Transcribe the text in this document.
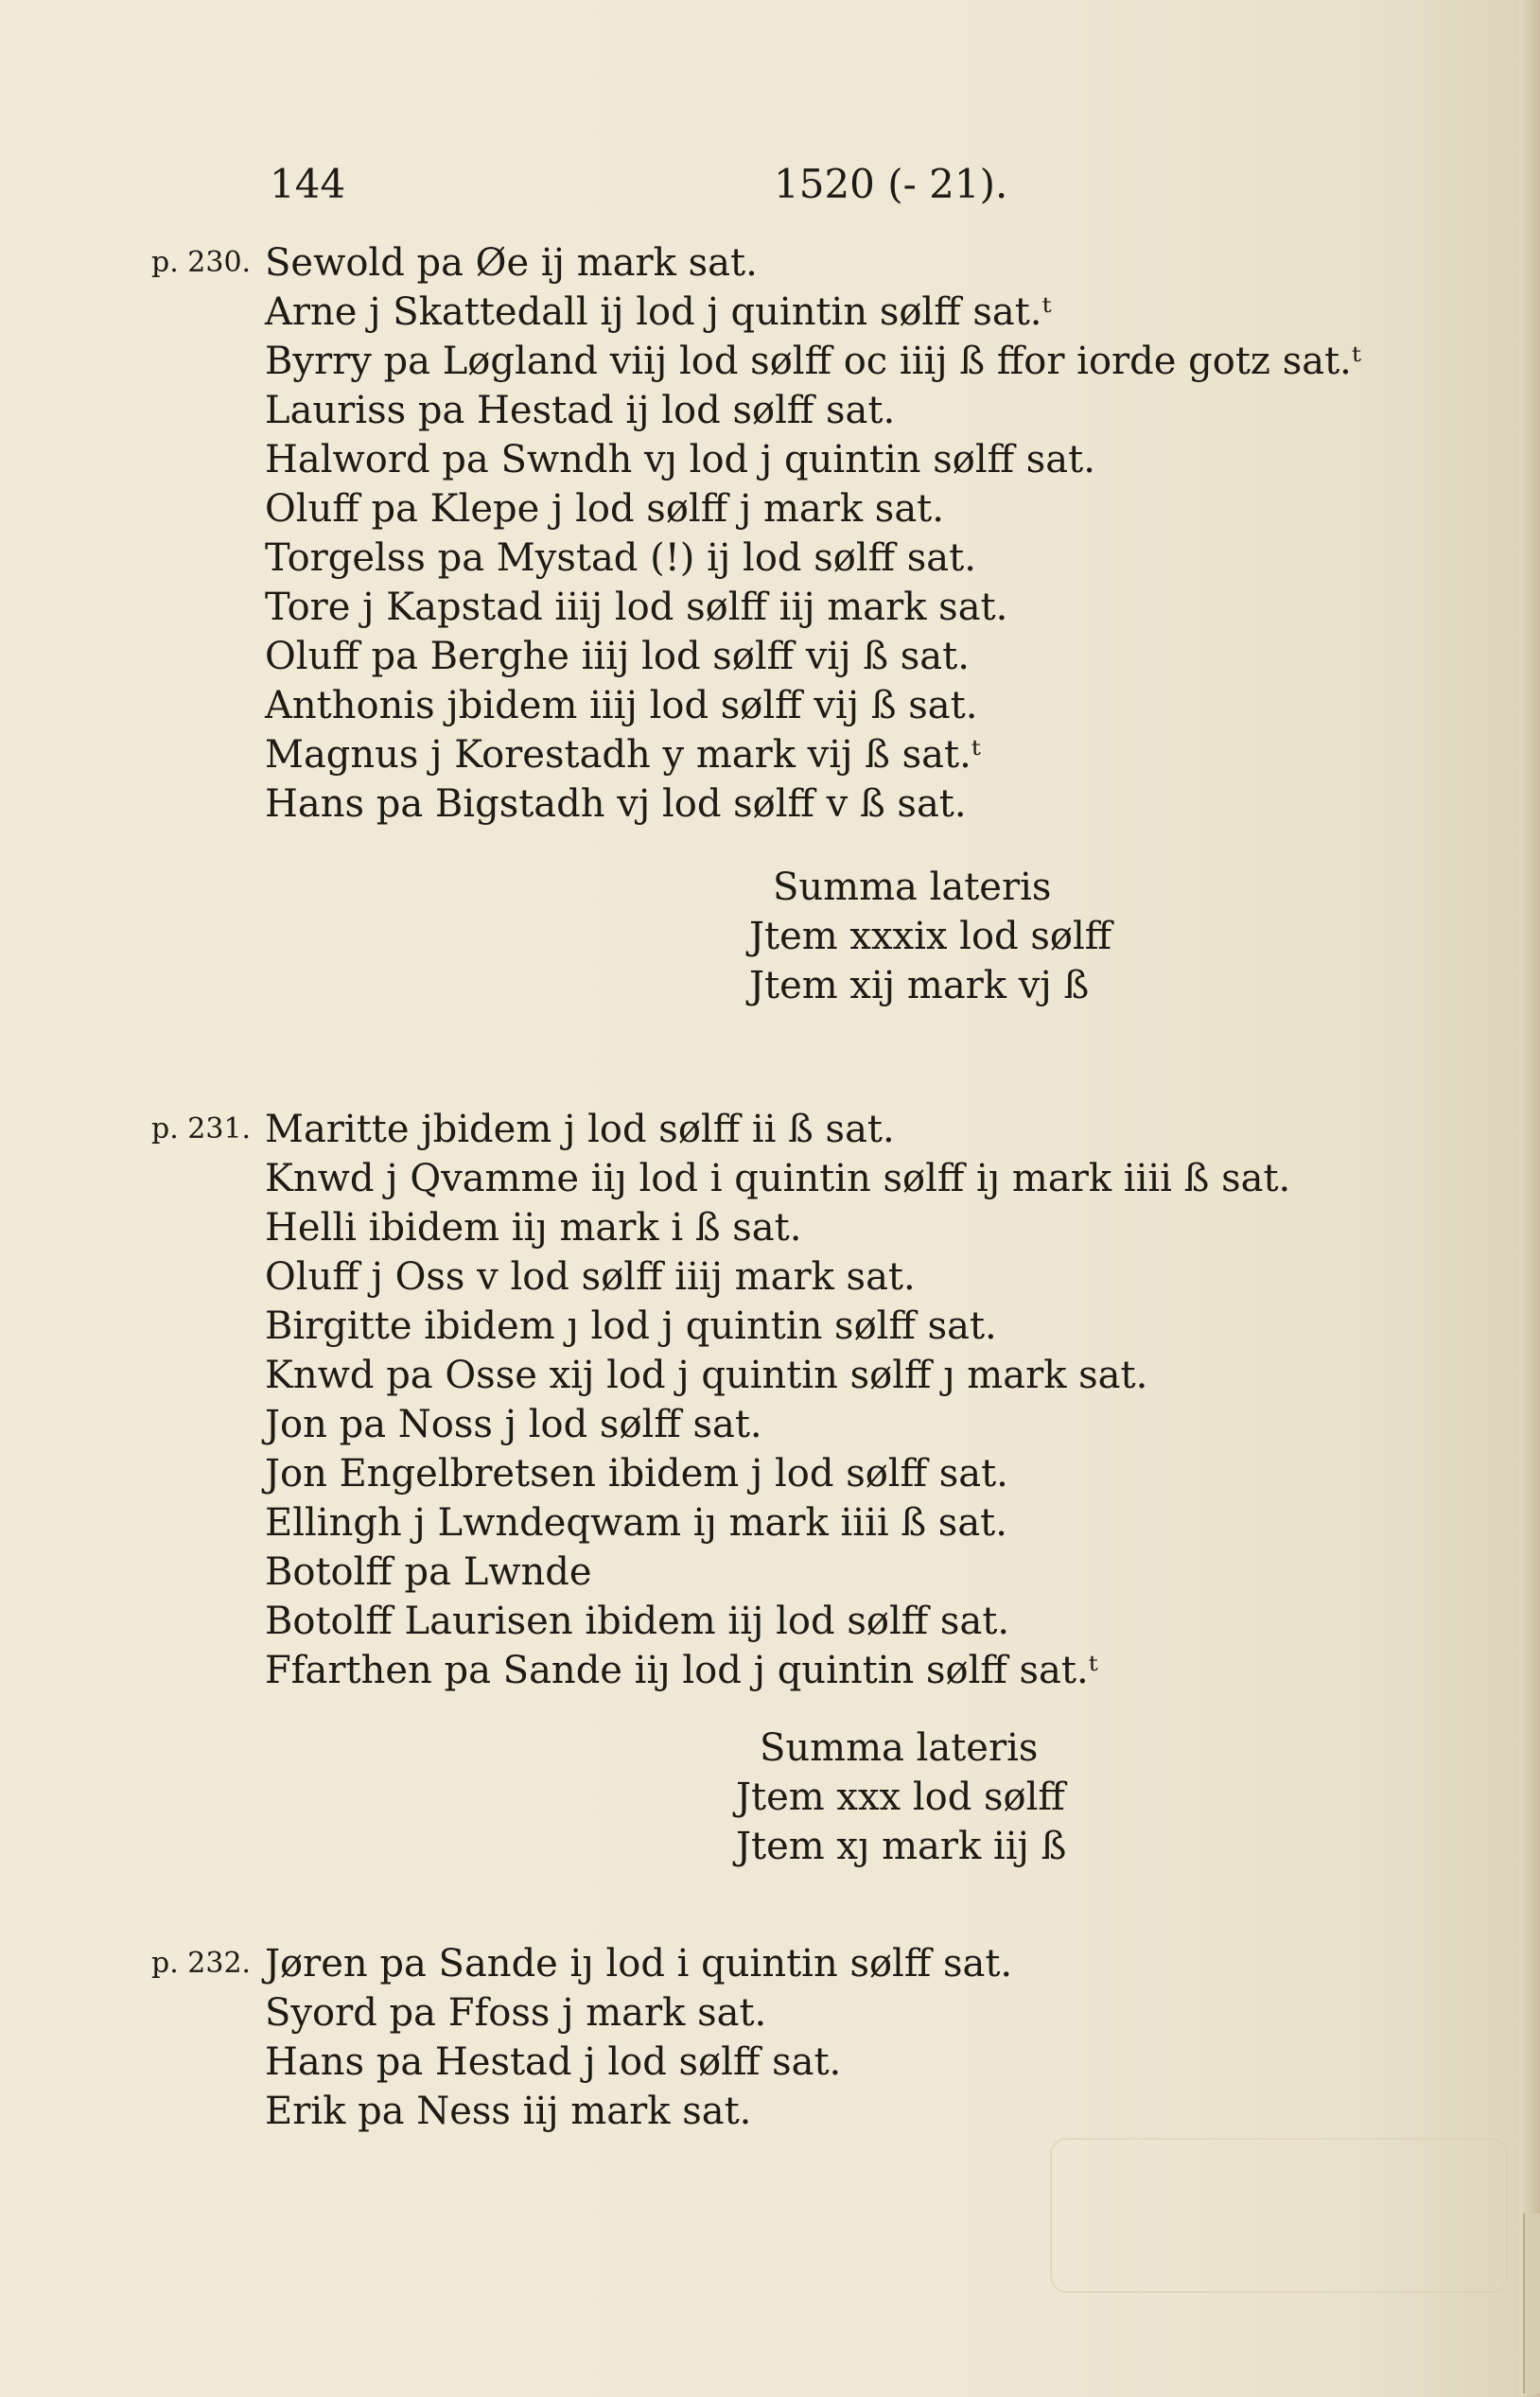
144	1520 (- 21).
p. 230. Sewold pa Øe ij mark sat.
Arne j Skattedall ij lod j quintin sølff sat.ᵗ
Byrry pa Løgland viij lod sølff oc iiij ß ffor iorde gotz sat.ᵗ
Lauriss pa Hestad ij lod sølff sat.
Halword pa Swndh vȷ lod j quintin sølff sat.
Oluff pa Klepe j lod sølff j mark sat.
Torgelss pa Mystad (!) ij lod sølff sat.
Tore j Kapstad iiij lod sølff iij mark sat.
Oluff pa Berghe iiij lod sølff vij ß sat.
Anthonis jbidem iiij lod sølff vij ß sat.
Magnus j Korestadh y mark vij ß sat.ᵗ
Hans pa Bigstadh vj lod sølff v ß sat.
Summa lateris
Jtem xxxix lod sølff
Jtem xij mark vj ß
p. 231. Maritte jbidem j lod sølff ii ß sat.
Knwd j Qvamme iiȷ lod i quintin sølff iȷ mark iiii ß sat.
Helli ibidem iiȷ mark i ß sat.
Oluff j Oss v lod sølff iiij mark sat.
Birgitte ibidem ȷ lod j quintin sølff sat.
Knwd pa Osse xij lod j quintin sølff ȷ mark sat.
Jon pa Noss j lod sølff sat.
Jon Engelbretsen ibidem j lod sølff sat.
Ellingh j Lwndeqwam iȷ mark iiii ß sat.
Botolff pa Lwnde
Botolff Laurisen ibidem iij lod sølff sat.
Ffarthen pa Sande iiȷ lod j quintin sølff sat.ᵗ
Summa lateris
Jtem xxx lod sølff
Jtem xȷ mark iij ß
p. 232. Jøren pa Sande iȷ lod i quintin sølff sat.
Syord pa Ffoss j mark sat.
Hans pa Hestad j lod sølff sat.
Erik pa Ness iij mark sat.
